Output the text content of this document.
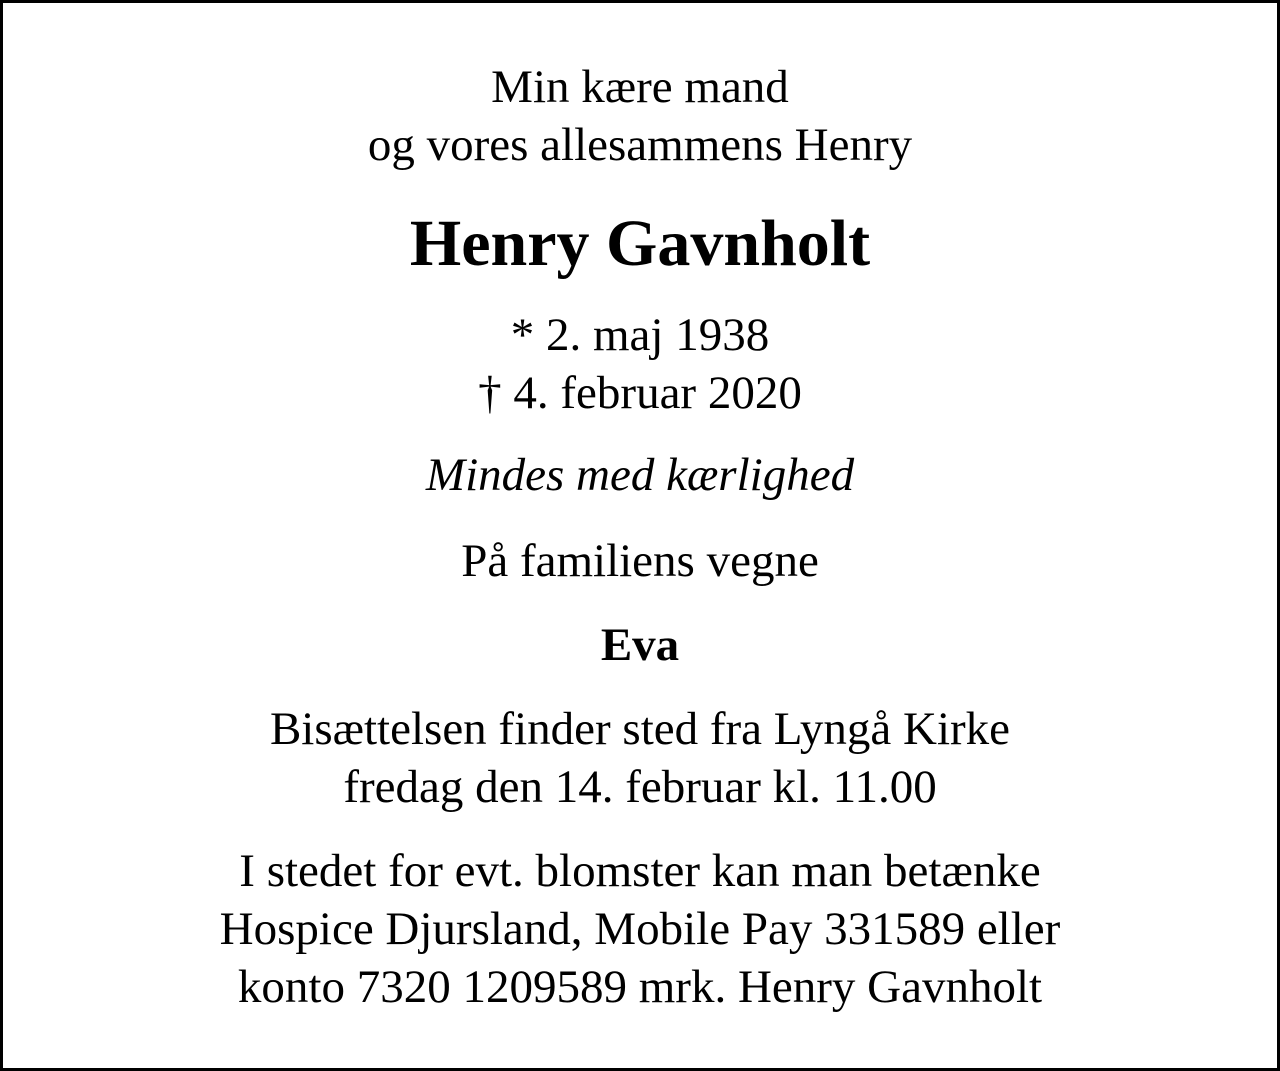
Min kære mand
og vores allesammens Henry
Henry Gavnholt
* 2. maj 1938
† 4. februar 2020
Mindes med kærlighed
På familiens vegne
Eva
Bisættelsen finder sted fra Lyngå Kirke
fredag den 14. februar kl. 11.00
I stedet for evt. blomster kan man betænke
Hospice Djursland, Mobile Pay 331589 eller
konto 7320 1209589 mrk. Henry Gavnholt
